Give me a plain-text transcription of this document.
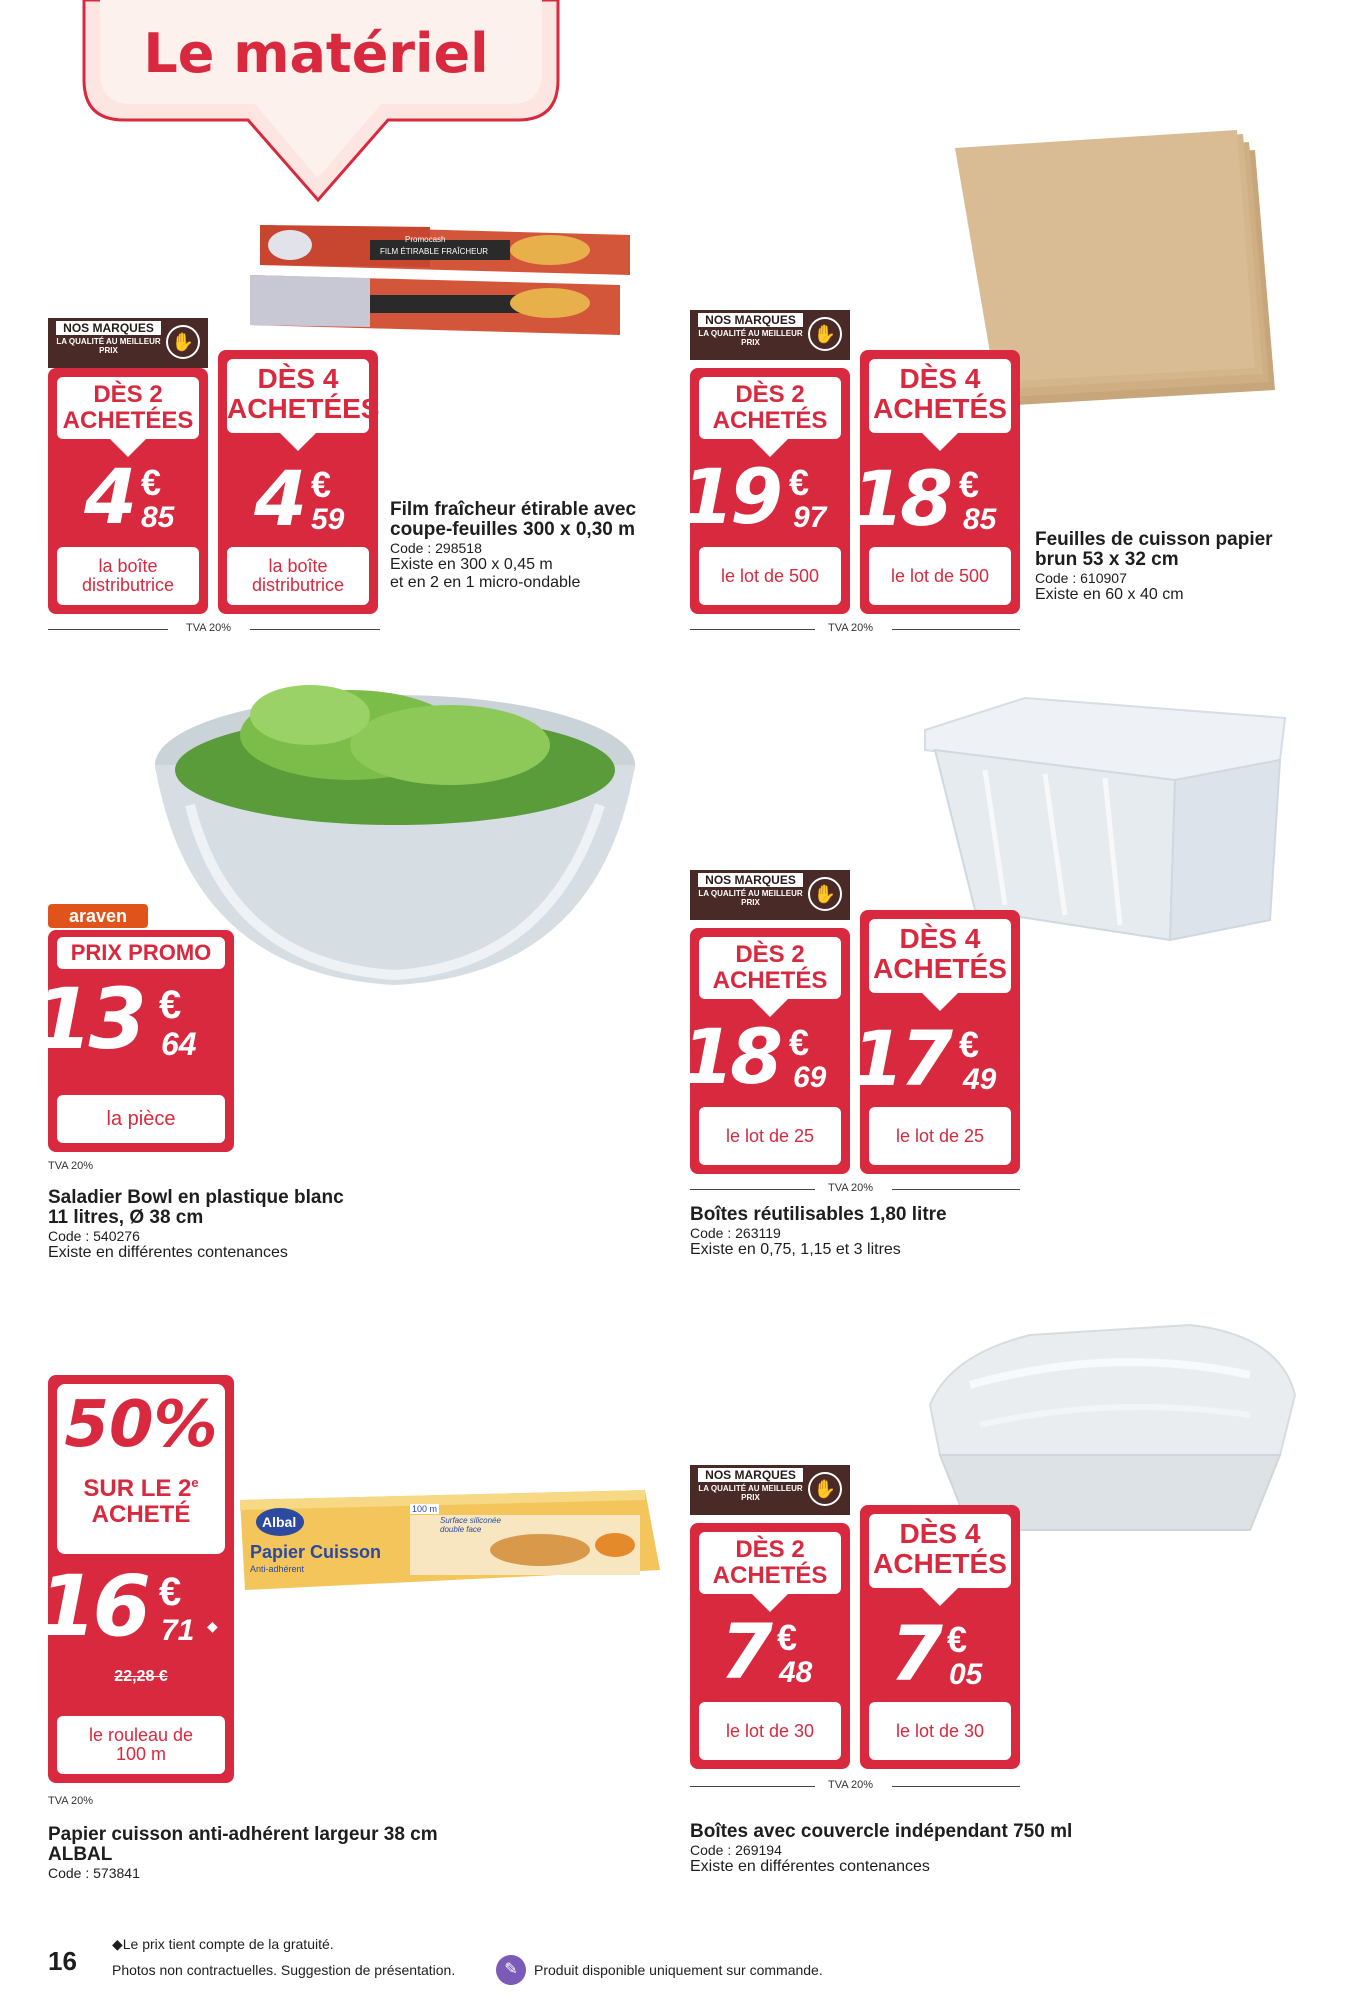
Le matériel
Promocash
FILM ÉTIRABLE FRAÎCHEUR
NOS MARQUES
LA QUALITÉ AU MEILLEUR PRIX	✋
DÈS 2
ACHETÉES
4 €
85
la boîte distributrice
DÈS 4
ACHETÉES
4 €
59
la boîte distributrice
TVA 20%
Film fraîcheur étirable avec coupe-feuilles 300 x 0,30 m
Code : 298518
Existe en 300 x 0,45 m
et en 2 en 1 micro-ondable
NOS MARQUES
LA QUALITÉ AU MEILLEUR PRIX	✋
DÈS 2
ACHETÉS
19 €
97
le lot de 500
DÈS 4
ACHETÉS
18 €
85
le lot de 500
TVA 20%
Feuilles de cuisson papier brun 53 x 32 cm
Code : 610907
Existe en 60 x 40 cm
araven
PRIX PROMO
13 €
64
la pièce
TVA 20%
Saladier Bowl en plastique blanc
11 litres, Ø 38 cm
Code : 540276
Existe en différentes contenances
NOS MARQUES
LA QUALITÉ AU MEILLEUR PRIX	✋
DÈS 2
ACHETÉS
18 €
69
le lot de 25
DÈS 4
ACHETÉS
17 €
49
le lot de 25
TVA 20%
Boîtes réutilisables 1,80 litre
Code : 263119
Existe en 0,75, 1,15 et 3 litres
50%
SUR LE 2e
ACHETÉ
16 €
71 ◆
22,28 €
le rouleau de 100 m
Albal
Papier Cuisson
Anti-adhérent
100 m
Surface siliconée double face
TVA 20%
Papier cuisson anti-adhérent largeur 38 cm
ALBAL
Code : 573841
NOS MARQUES
LA QUALITÉ AU MEILLEUR PRIX	✋
DÈS 2
ACHETÉS
7 €
48
le lot de 30
DÈS 4
ACHETÉS
7 €
05
le lot de 30
TVA 20%
Boîtes avec couvercle indépendant 750 ml
Code : 269194
Existe en différentes contenances
16
◆Le prix tient compte de la gratuité.
Photos non contractuelles. Suggestion de présentation.	✎	Produit disponible uniquement sur commande.
